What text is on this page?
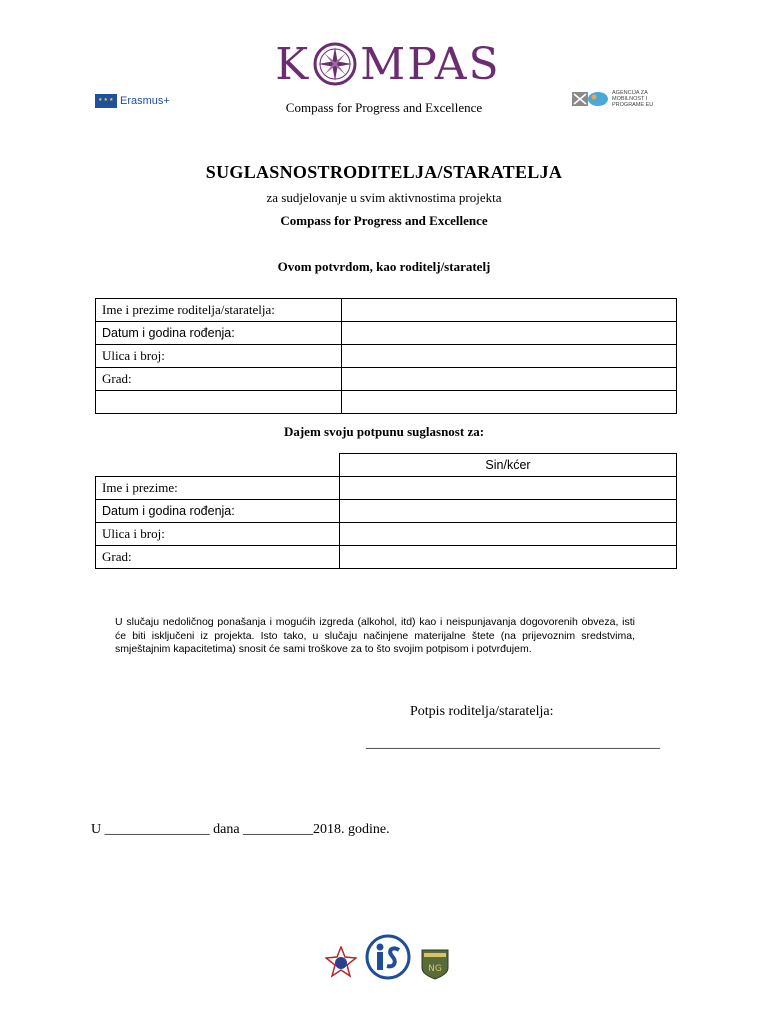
K MPAS
Compass for Progress and Excellence
★★★
Erasmus+
AGENCIJA ZA MOBILNOST I PROGRAME EU
SUGLASNOSTRODITELJA/STARATELJA
za sudjelovanje u svim aktivnostima projekta
Compass for Progress and Excellence
Ovom potvrdom, kao roditelj/staratelj
Ime i prezime roditelja/staratelja:	
Datum i godina rođenja:	
Ulica i broj:	
Grad:	

Dajem svoju potpunu suglasnost za:
	Sin/kćer
Ime i prezime:	
Datum i godina rođenja:	
Ulica i broj:	
Grad:	
U slučaju nedoličnog ponašanja i mogućih izgreda (alkohol, itd) kao i neispunjavanja dogovorenih obveza, isti će biti isključeni iz projekta. Isto tako, u slučaju načinjene materijalne štete (na prijevoznim sredstvima, smještajnim kapacitetima) snosit će sami troškove za to što svojim potpisom i potvrđujem.
Potpis roditelja/staratelja:
__________________________________________
U _______________ dana __________2018. godine.
NG
